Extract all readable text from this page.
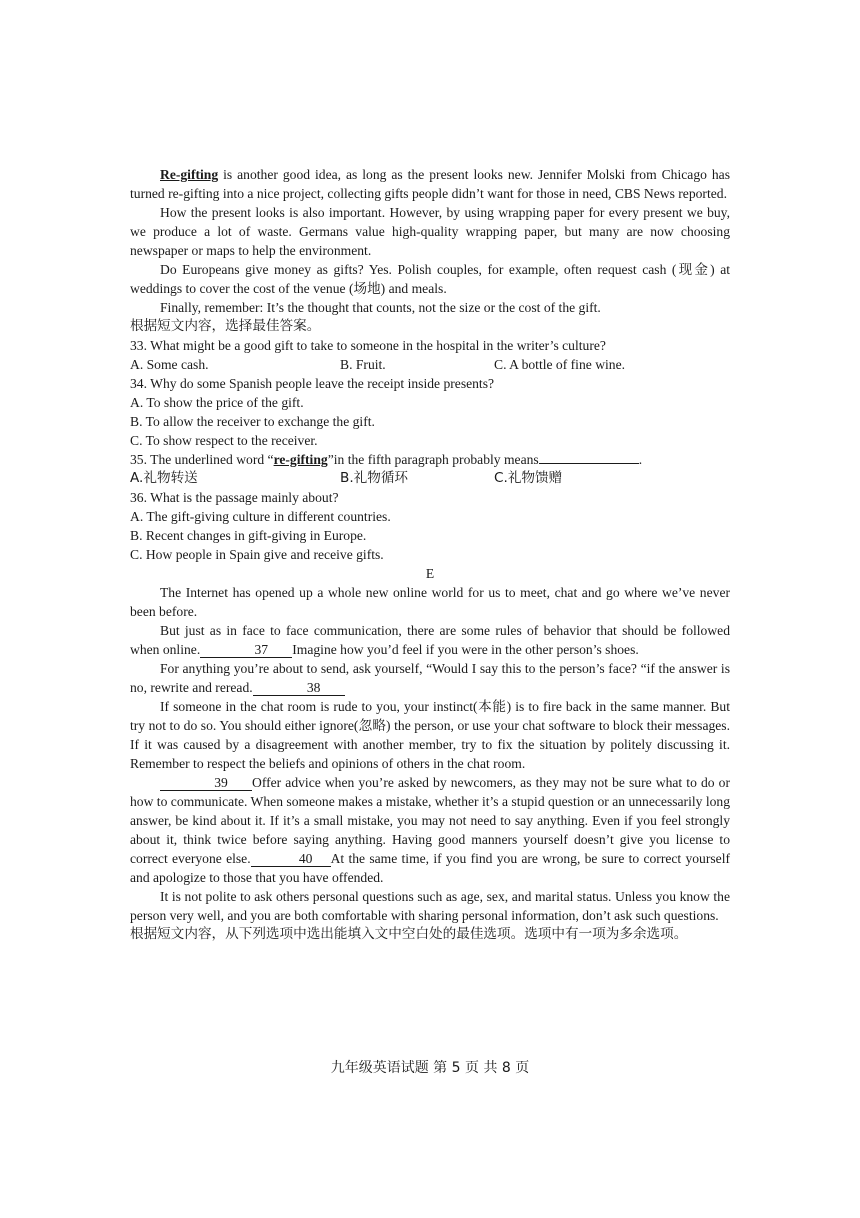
Re-gifting is another good idea, as long as the present looks new. Jennifer Molski from Chicago has turned re-gifting into a nice project, collecting gifts people didn’t want for those in need, CBS News reported.

How the present looks is also important. However, by using wrapping paper for every present we buy, we produce a lot of waste. Germans value high-quality wrapping paper, but many are now choosing newspaper or maps to help the environment.

Do Europeans give money as gifts? Yes. Polish couples, for example, often request cash (现金) at weddings to cover the cost of the venue (场地) and meals.

Finally, remember: It’s the thought that counts, not the size or the cost of the gift.

根据短文内容，选择最佳答案。

33. What might be a good gift to take to someone in the hospital in the writer’s culture?

A. Some cash.	B. Fruit.	C. A bottle of fine wine.

34. Why do some Spanish people leave the receipt inside presents?

A. To show the price of the gift.

B. To allow the receiver to exchange the gift.

C. To show respect to the receiver.

35. The underlined word “re-gifting”in the fifth paragraph probably means	.

A.礼物转送	B.礼物循环	C.礼物馈赠

36. What is the passage mainly about?

A. The gift-giving culture in different countries.

B. Recent changes in gift-giving in Europe.

C. How people in Spain give and receive gifts.

E

The Internet has opened up a whole new online world for us to meet, chat and go where we’ve never been before.

But just as in face to face communication, there are some rules of behavior that should be followed when online.	37 Imagine how you’d feel if you were in the other person’s shoes.

For anything you’re about to send, ask yourself, “Would I say this to the person’s face? “if the answer is no, rewrite and reread.	38

If someone in the chat room is rude to you, your instinct(本能) is to fire back in the same manner. But try not to do so. You should either ignore(忽略) the person, or use your chat software to block their messages. If it was caused by a disagreement with another member, try to fix the situation by politely discussing it. Remember to respect the beliefs and opinions of others in the chat room.

39 Offer advice when you’re asked by newcomers, as they may not be sure what to do or how to communicate. When someone makes a mistake, whether it’s a stupid question or an unnecessarily long answer, be kind about it. If it’s a small mistake, you may not need to say anything. Even if you feel strongly about it, think twice before saying anything. Having good manners yourself doesn’t give you license to correct everyone else.	40 At the same time, if you find you are wrong, be sure to correct yourself and apologize to those that you have offended.

It is not polite to ask others personal questions such as age, sex, and marital status. Unless you know the person very well, and you are both comfortable with sharing personal information, don’t ask such questions.

根据短文内容，从下列选项中选出能填入文中空白处的最佳选项。选项中有一项为多余选项。

九年级英语试题 第 5 页 共 8 页
